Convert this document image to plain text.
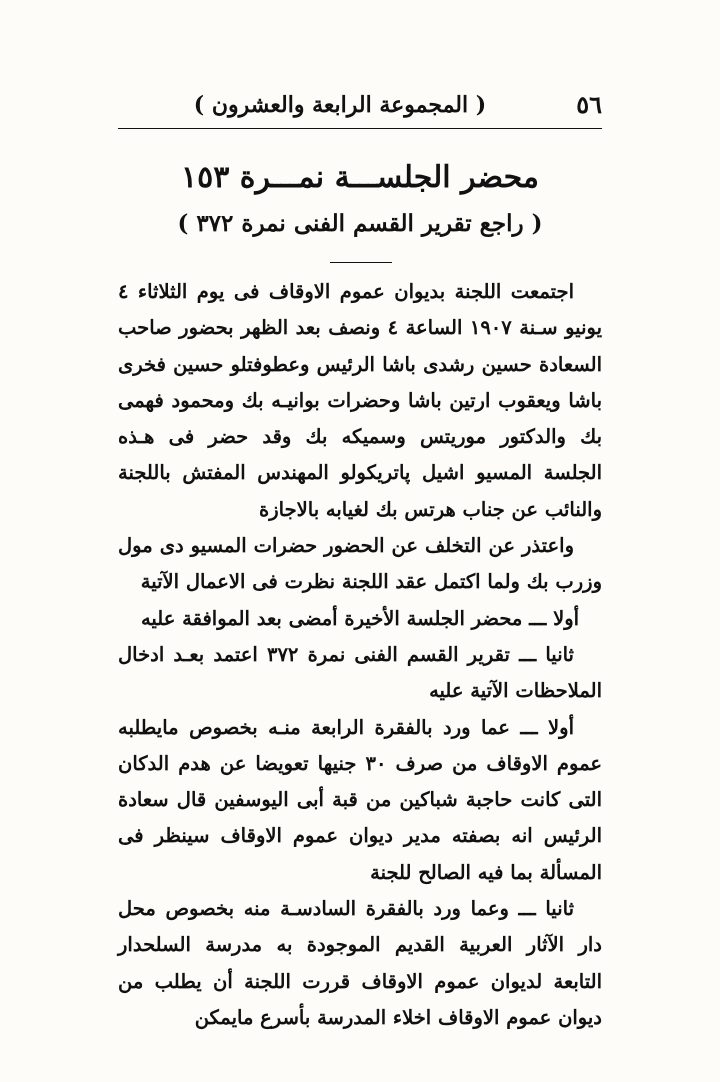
٥٦
( المجموعة الرابعة والعشرون )
محضر الجلســـة نمـــرة ١٥٣
( راجع تقرير القسم الفنى نمرة ٣٧٢ )

اجتمعت اللجنة بديوان عموم الاوقاف فى يوم الثلاثاء ٤ يونيو سـنة ١٩٠٧ الساعة ٤ ونصف بعد الظهر بحضور صاحب السعادة حسين رشدى باشا الرئيس وعطوفتلو حسين فخرى باشا ويعقوب ارتين باشا وحضرات بوانيـه بك ومحمود فهمى بك والدكتور موريتس وسميكه بك وقد حضر فى هـذه الجلسة المسيو اشيل پاتريكولو المهندس المفتش باللجنة والنائب عن جناب هرتس بك لغيابه بالاجازة

واعتذر عن التخلف عن الحضور حضرات المسيو دى مول وزرب بك ولما اكتمل عقد اللجنة نظرت فى الاعمال الآتية

أولا ـــ محضر الجلسة الأخيرة أمضى بعد الموافقة عليه

ثانيا ـــ تقرير القسم الفنى نمرة ٣٧٢ اعتمد بعـد ادخال الملاحظات الآتية عليه

أولا ـــ عما ورد بالفقرة الرابعة منـه بخصوص مايطلبه عموم الاوقاف من صرف ٣٠ جنيها تعويضا عن هدم الدكان التى كانت حاجبة شباكين من قبة أبى اليوسفين قال سعادة الرئيس انه بصفته مدير ديوان عموم الاوقاف سينظر فى المسألة بما فيه الصالح للجنة

ثانيا ـــ وعما ورد بالفقرة السادسـة منه بخصوص محل دار الآثار العربية القديم الموجودة به مدرسة السلحدار التابعة لديوان عموم الاوقاف قررت اللجنة أن يطلب من ديوان عموم الاوقاف اخلاء المدرسة بأسرع مايمكن
